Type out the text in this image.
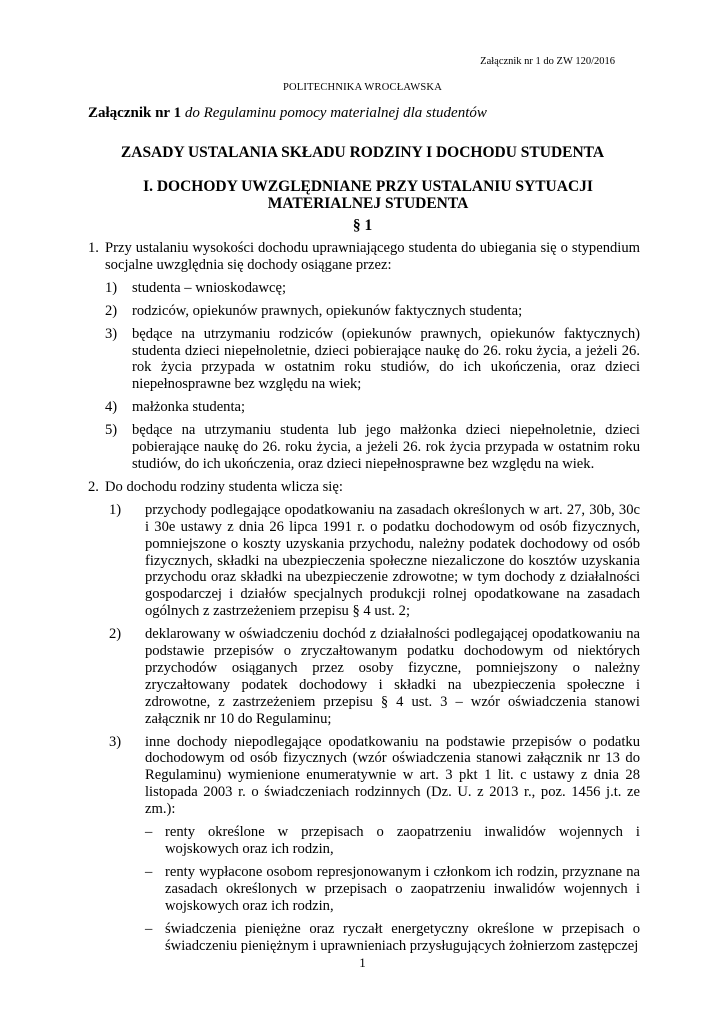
Załącznik nr 1 do ZW 120/2016
POLITECHNIKA WROCŁAWSKA
Załącznik nr 1 do Regulaminu pomocy materialnej dla studentów
ZASADY USTALANIA SKŁADU RODZINY I DOCHODU STUDENTA
I. DOCHODY UWZGLĘDNIANE PRZY USTALANIU SYTUACJI MATERIALNEJ STUDENTA
§ 1
1. Przy ustalaniu wysokości dochodu uprawniającego studenta do ubiegania się o stypendium socjalne uwzględnia się dochody osiągane przez:
1)	studenta – wnioskodawcę;
2)	rodziców, opiekunów prawnych, opiekunów faktycznych studenta;
3)	będące na utrzymaniu rodziców (opiekunów prawnych, opiekunów faktycznych) studenta dzieci niepełnoletnie, dzieci pobierające naukę do 26. roku życia, a jeżeli 26. rok życia przypada w ostatnim roku studiów, do ich ukończenia, oraz dzieci niepełnosprawne bez względu na wiek;
4)	małżonka studenta;
5)	będące na utrzymaniu studenta lub jego małżonka dzieci niepełnoletnie, dzieci pobierające naukę do 26. roku życia, a jeżeli 26. rok życia przypada w ostatnim roku studiów, do ich ukończenia, oraz dzieci niepełnosprawne bez względu na wiek.
2. Do dochodu rodziny studenta wlicza się:
1)	przychody podlegające opodatkowaniu na zasadach określonych w art. 27, 30b, 30c i 30e ustawy z dnia 26 lipca 1991 r. o podatku dochodowym od osób fizycznych, pomniejszone o koszty uzyskania przychodu, należny podatek dochodowy od osób fizycznych, składki na ubezpieczenia społeczne niezaliczone do kosztów uzyskania przychodu oraz składki na ubezpieczenie zdrowotne; w tym dochody z działalności gospodarczej i działów specjalnych produkcji rolnej opodatkowane na zasadach ogólnych z zastrzeżeniem przepisu § 4 ust. 2;
2)	deklarowany w oświadczeniu dochód z działalności podlegającej opodatkowaniu na podstawie przepisów o zryczałtowanym podatku dochodowym od niektórych przychodów osiąganych przez osoby fizyczne, pomniejszony o należny zryczałtowany podatek dochodowy i składki na ubezpieczenia społeczne i zdrowotne, z zastrzeżeniem przepisu § 4 ust. 3 – wzór oświadczenia stanowi załącznik nr 10 do Regulaminu;
3)	inne dochody niepodlegające opodatkowaniu na podstawie przepisów o podatku dochodowym od osób fizycznych (wzór oświadczenia stanowi załącznik nr 13 do Regulaminu) wymienione enumeratywnie w art. 3 pkt 1 lit. c ustawy z dnia 28 listopada 2003 r. o świadczeniach rodzinnych (Dz. U. z 2013 r., poz. 1456 j.t. ze zm.):
– renty określone w przepisach o zaopatrzeniu inwalidów wojennych i wojskowych oraz ich rodzin,
– renty wypłacone osobom represjonowanym i członkom ich rodzin, przyznane na zasadach określonych w przepisach o zaopatrzeniu inwalidów wojennych i wojskowych oraz ich rodzin,
– świadczenia pieniężne oraz ryczałt energetyczny określone w przepisach o świadczeniu pieniężnym i uprawnieniach przysługujących żołnierzom zastępczej
1
